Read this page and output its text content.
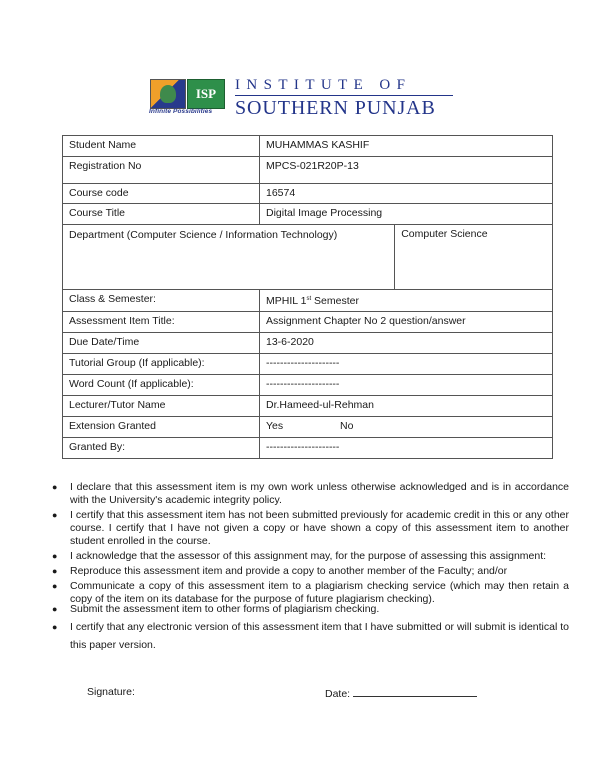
ISP
Infinite Possibilities
INSTITUTE OF
SOUTHERN PUNJAB
Student Name	MUHAMMAS KASHIF	
Registration No	MPCS-021R20P-13	
Course code	16574	
Course Title	Digital Image Processing	
Department (Computer Science / Information Technology)		Computer Science
Class & Semester:	MPHIL 1st Semester	
Assessment Item Title:	Assignment Chapter No 2 question/answer	
Due Date/Time	13-6-2020	
Tutorial Group (If applicable):	---------------------	
Word Count (If applicable):	---------------------	
Lecturer/Tutor Name	Dr.Hameed-ul-Rehman	
Extension Granted	Yes No	
Granted By:	---------------------	
● I declare that this assessment item is my own work unless otherwise acknowledged and is in accordance with the University's academic integrity policy.
● I certify that this assessment item has not been submitted previously for academic credit in this or any other course. I certify that I have not given a copy or have shown a copy of this assessment item to another student enrolled in the course.
● I acknowledge that the assessor of this assignment may, for the purpose of assessing this assignment:
● Reproduce this assessment item and provide a copy to another member of the Faculty; and/or
● Communicate a copy of this assessment item to a plagiarism checking service (which may then retain a copy of the item on its database for the purpose of future plagiarism checking).
● Submit the assessment item to other forms of plagiarism checking.
● I certify that any electronic version of this assessment item that I have submitted or will submit is identical to this paper version.
Signature:	Date:
